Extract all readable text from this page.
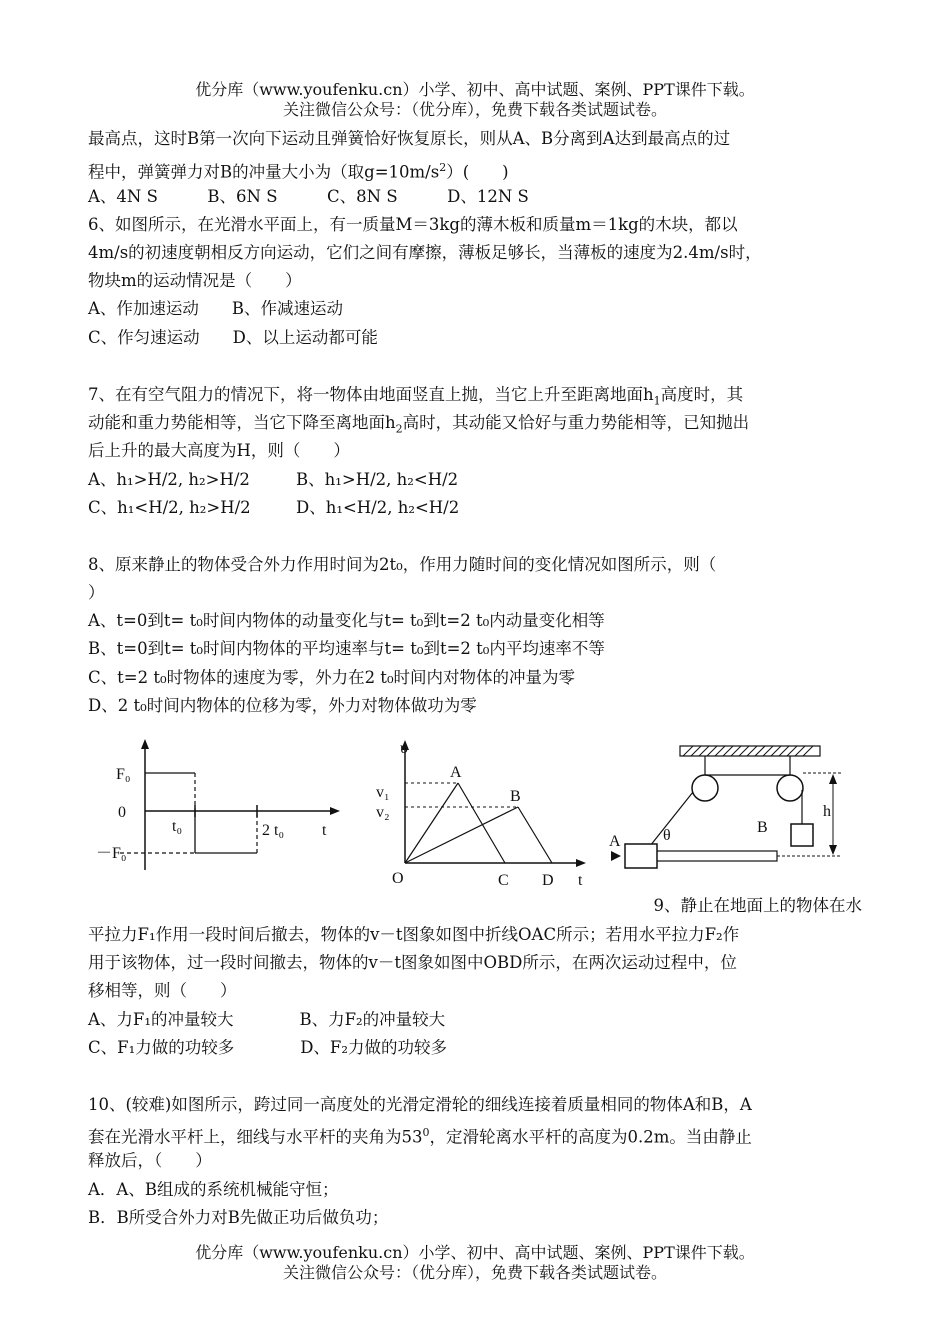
优分库（www.youfenku.cn）小学、初中、高中试题、案例、PPT课件下载。
关注微信公众号：（优分库），免费下载各类试题试卷。
最高点，这时B第一次向下运动且弹簧恰好恢复原长，则从A、B分离到A达到最高点的过
程中，弹簧弹力对B的冲量大小为（取$g=10m/s^2$）(　　)
A、4N S　　　B、6N S　　　C、8N S　　　D、12N S
6、如图所示，在光滑水平面上，有一质量M＝3kg的薄木板和质量m＝1kg的木块，都以
4m/s的初速度朝相反方向运动，它们之间有摩擦，薄板足够长，当薄板的速度为2.4m/s时，
物块m的运动情况是（　　）
A、作加速运动　　B、作减速运动
C、作匀速运动　　D、以上运动都可能
7、在有空气阻力的情况下，将一物体由地面竖直上抛，当它上升至距离地面$h_1$高度时，其
动能和重力势能相等，当它下降至离地面$h_2$高时，其动能又恰好与重力势能相等，已知抛出
后上升的最大高度为H，则（　　）
A、h₁>H/2, h₂>H/2	B、h₁>H/2, h₂<H/2
C、h₁<H/2, h₂>H/2	D、h₁<H/2, h₂<H/2
8、原来静止的物体受合外力作用时间为2t₀，作用力随时间的变化情况如图所示，则（
）
A、t=0到t= t₀时间内物体的动量变化与t= t₀到t=2 t₀内动量变化相等
B、t=0到t= t₀时间内物体的平均速率与t= t₀到t=2 t₀内平均速率不等
C、t=2 t₀时物体的速度为零，外力在2 t₀时间内对物体的冲量为零
D、2 t₀时间内物体的位移为零，外力对物体做功为零
F₀
0
－F₀
t₀	2 t₀ t
υ
v₁
v₂
A
B
O	C D t
A
B
θ
h
9、静止在地面上的物体在水
平拉力F₁作用一段时间后撤去，物体的v－t图象如图中折线OAC所示；若用水平拉力F₂作
用于该物体，过一段时间撤去，物体的v－t图象如图中OBD所示，在两次运动过程中，位
移相等，则（　　）
A、力F₁的冲量较大　　　　B、力F₂的冲量较大
C、F₁力做的功较多　　　　D、F₂力做的功较多
10、(较难)如图所示，跨过同一高度处的光滑定滑轮的细线连接着质量相同的物体A和B，A
套在光滑水平杆上，细线与水平杆的夹角为$53^0$，定滑轮离水平杆的高度为0.2m。当由静止
释放后，（　　）
A．A、B组成的系统机械能守恒；
B．B所受合外力对B先做正功后做负功；
优分库（www.youfenku.cn）小学、初中、高中试题、案例、PPT课件下载。
关注微信公众号：（优分库），免费下载各类试题试卷。
